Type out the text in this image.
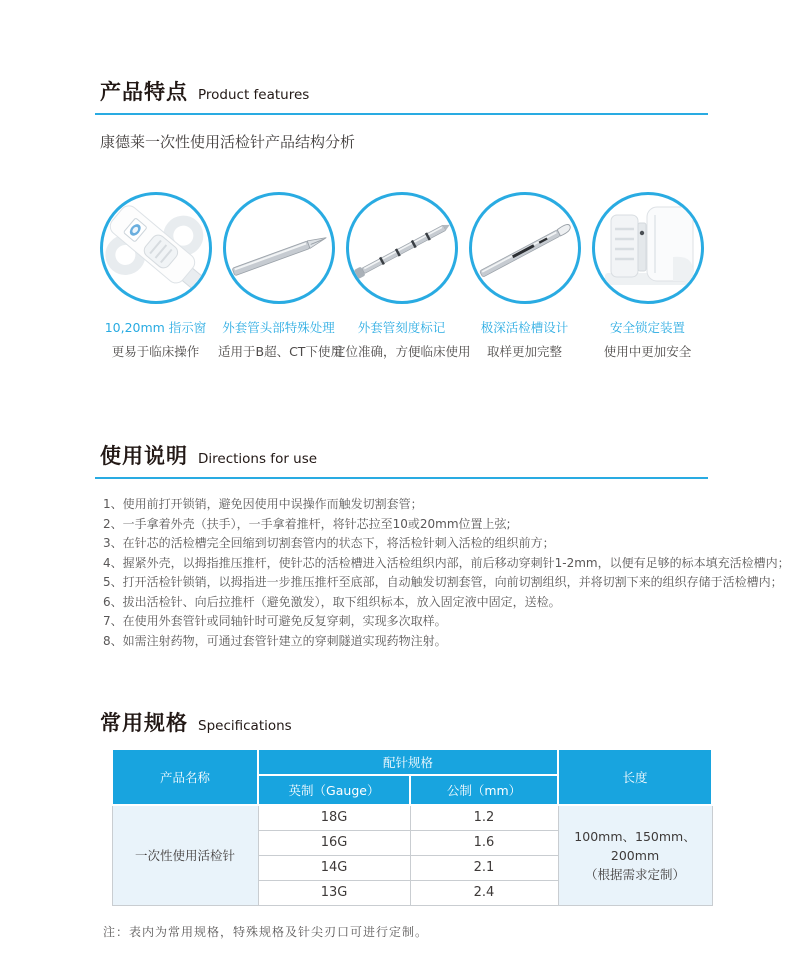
产品特点 Product features
康德莱一次性使用活检针产品结构分析
10,20mm 指示窗
更易于临床操作
外套管头部特殊处理
适用于B超、CT下使用
外套管刻度标记
定位准确，方便临床使用
极深活检槽设计
取样更加完整
安全锁定装置
使用中更加安全
使用说明 Directions for use
1、使用前打开锁销，避免因使用中误操作而触发切割套管；
2、一手拿着外壳（扶手），一手拿着推杆，将针芯拉至10或20mm位置上弦;
3、在针芯的活检槽完全回缩到切割套管内的状态下，将活检针刺入活检的组织前方；
4、握紧外壳，以拇指推压推杆，使针芯的活检槽进入活检组织内部，前后移动穿刺针1-2mm，以便有足够的标本填充活检槽内；
5、打开活检针锁销，以拇指进一步推压推杆至底部，自动触发切割套管，向前切割组织，并将切割下来的组织存储于活检槽内；
6、拔出活检针、向后拉推杆（避免激发），取下组织标本，放入固定液中固定，送检。
7、在使用外套管针或同轴针时可避免反复穿刺，实现多次取样。
8、如需注射药物，可通过套管针建立的穿刺隧道实现药物注射。
常用规格 Specifications
产品名称	配针规格		长度
	英制（Gauge）	公制（mm）	
一次性使用活检针	18G	1.2	100mm、150mm、200mm
（根据需求定制）
	16G	1.6	
	14G	2.1	
	13G	2.4	
注：表内为常用规格，特殊规格及针尖刃口可进行定制。
